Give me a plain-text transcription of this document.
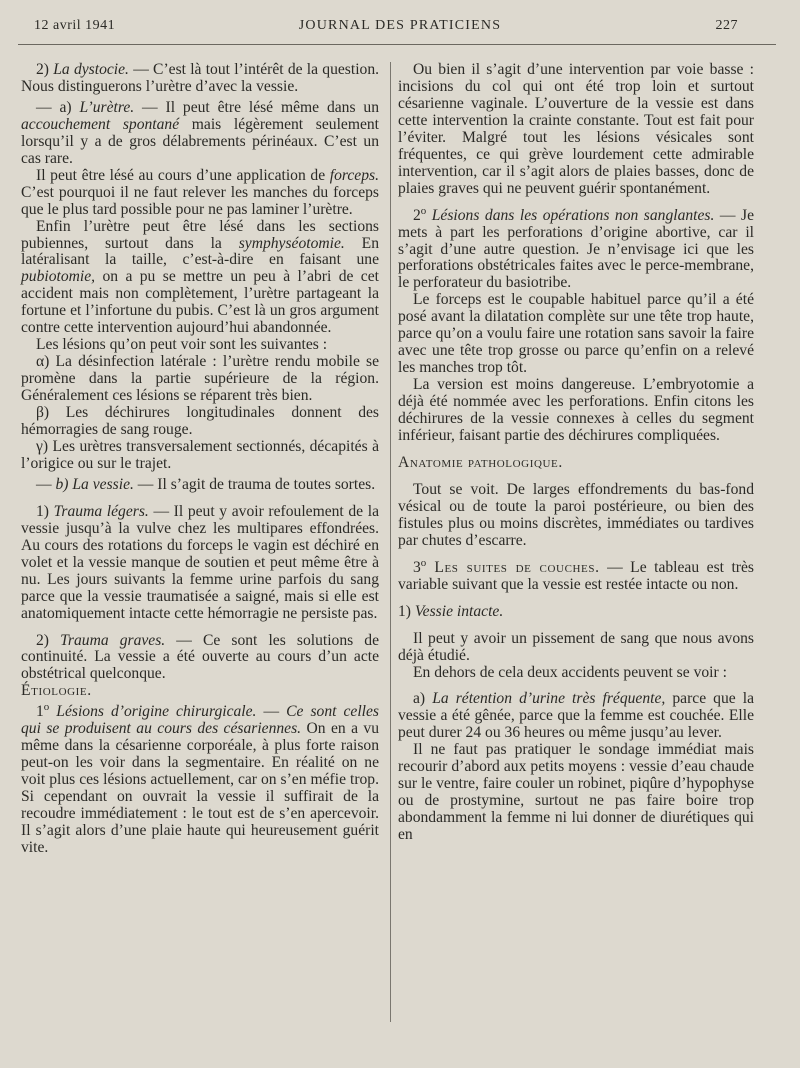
12 avril 1941	JOURNAL DES PRATICIENS	227

2) La dystocie. — C’est là tout l’intérêt de la question. Nous distinguerons l’urètre d’avec la vessie.

— a) L’urètre. — Il peut être lésé même dans un accouchement spontané mais légèrement seulement lorsqu’il y a de gros délabrements périnéaux. C’est un cas rare.

Il peut être lésé au cours d’une application de forceps. C’est pourquoi il ne faut relever les manches du forceps que le plus tard possible pour ne pas laminer l’urètre.

Enfin l’urètre peut être lésé dans les sections pubiennes, surtout dans la symphyséotomie. En latéralisant la taille, c’est-à-dire en faisant une pubiotomie, on a pu se mettre un peu à l’abri de cet accident mais non complètement, l’urètre partageant la fortune et l’infortune du pubis. C’est là un gros argument contre cette intervention aujourd’hui abandonnée.

Les lésions qu’on peut voir sont les suivantes :

α) La désinfection latérale : l’urètre rendu mobile se promène dans la partie supérieure de la région. Généralement ces lésions se réparent très bien.

β) Les déchirures longitudinales donnent des hémorragies de sang rouge.

γ) Les urètres transversalement sectionnés, décapités à l’origice ou sur le trajet.

— b) La vessie. — Il s’agit de trauma de toutes sortes.

1) Trauma légers. — Il peut y avoir refoulement de la vessie jusqu’à la vulve chez les multipares effondrées. Au cours des rotations du forceps le vagin est déchiré en volet et la vessie manque de soutien et peut même être à nu. Les jours suivants la femme urine parfois du sang parce que la vessie traumatisée a saigné, mais si elle est anatomiquement intacte cette hémorragie ne persiste pas.

2) Trauma graves. — Ce sont les solutions de continuité. La vessie a été ouverte au cours d’un acte obstétrical quelconque.

Étiologie.

1$^o$ Lésions d’origine chirurgicale. — Ce sont celles qui se produisent au cours des césariennes. On en a vu même dans la césarienne corporéale, à plus forte raison peut-on les voir dans la segmentaire. En réalité on ne voit plus ces lésions actuellement, car on s’en méfie trop. Si cependant on ouvrait la vessie il suffirait de la recoudre immédiatement : le tout est de s’en apercevoir. Il s’agit alors d’une plaie haute qui heureusement guérit vite.

Ou bien il s’agit d’une intervention par voie basse : incisions du col qui ont été trop loin et surtout césarienne vaginale. L’ouverture de la vessie est dans cette intervention la crainte constante. Tout est fait pour l’éviter. Malgré tout les lésions vésicales sont fréquentes, ce qui grève lourdement cette admirable intervention, car il s’agit alors de plaies basses, donc de plaies graves qui ne peuvent guérir spontanément.

2$^o$ Lésions dans les opérations non sanglantes. — Je mets à part les perforations d’origine abortive, car il s’agit d’une autre question. Je n’envisage ici que les perforations obstétricales faites avec le perce-membrane, le perforateur du basiotribe.

Le forceps est le coupable habituel parce qu’il a été posé avant la dilatation complète sur une tête trop haute, parce qu’on a voulu faire une rotation sans savoir la faire avec une tête trop grosse ou parce qu’enfin on a relevé les manches trop tôt.

La version est moins dangereuse. L’embryotomie a déjà été nommée avec les perforations. Enfin citons les déchirures de la vessie connexes à celles du segment inférieur, faisant partie des déchirures compliquées.

Anatomie pathologique.

Tout se voit. De larges effondrements du bas-fond vésical ou de toute la paroi postérieure, ou bien des fistules plus ou moins discrètes, immédiates ou tardives par chutes d’escarre.

3$^o$ Les suites de couches. — Le tableau est très variable suivant que la vessie est restée intacte ou non.

1) Vessie intacte.

Il peut y avoir un pissement de sang que nous avons déjà étudié.

En dehors de cela deux accidents peuvent se voir :

a) La rétention d’urine très fréquente, parce que la vessie a été gênée, parce que la femme est couchée. Elle peut durer 24 ou 36 heures ou même jusqu’au lever.

Il ne faut pas pratiquer le sondage immédiat mais recourir d’abord aux petits moyens : vessie d’eau chaude sur le ventre, faire couler un robinet, piqûre d’hypophyse ou de prostymine, surtout ne pas faire boire trop abondamment la femme ni lui donner de diurétiques qui en
